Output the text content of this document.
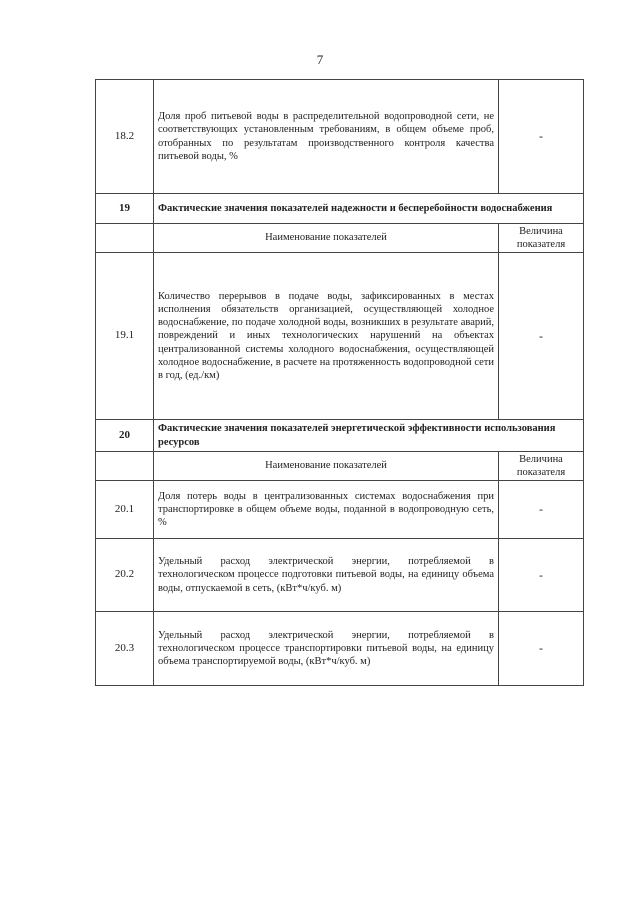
7
18.2	Доля проб питьевой воды в распределительной водопроводной сети, не соответствующих установленным требованиям, в общем объеме проб, отобранных по результатам производственного контроля качества питьевой воды, %	-
19	Фактические значения показателей надежности и бесперебойности водоснабжения	
	Наименование показателей	Величина показателя
19.1	Количество перерывов в подаче воды, зафиксированных в местах исполнения обязательств организацией, осуществляющей холодное водоснабжение, по подаче холодной воды, возникших в результате аварий, повреждений и иных технологических нарушений на объектах централизованной системы холодного водоснабжения, осуществляющей холодное водоснабжение, в расчете на протяженность водопроводной сети в год, (ед./км)	-
20	Фактические значения показателей энергетической эффективности использования ресурсов	
	Наименование показателей	Величина показателя
20.1	Доля потерь воды в централизованных системах водоснабжения при транспортировке в общем объеме воды, поданной в водопроводную сеть, %	-
20.2	Удельный расход электрической энергии, потребляемой в технологическом процессе подготовки питьевой воды, на единицу объема воды, отпускаемой в сеть, (кВт*ч/куб. м)	-
20.3	Удельный расход электрической энергии, потребляемой в технологическом процессе транспортировки питьевой воды, на единицу объема транспортируемой воды, (кВт*ч/куб. м)	-
